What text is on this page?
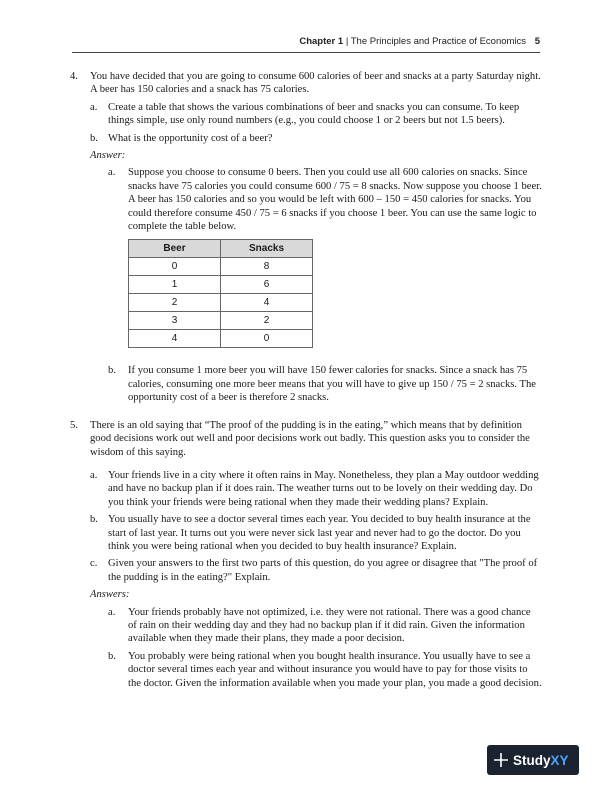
Chapter 1 | The Principles and Practice of Economics 5
4. You have decided that you are going to consume 600 calories of beer and snacks at a party Saturday night. A beer has 150 calories and a snack has 75 calories.

a. Create a table that shows the various combinations of beer and snacks you can consume. To keep things simple, use only round numbers (e.g., you could choose 1 or 2 beers but not 1.5 beers).

b. What is the opportunity cost of a beer?

Answer:
a. Suppose you choose to consume 0 beers. Then you could use all 600 calories on snacks. Since snacks have 75 calories you could consume 600 / 75 = 8 snacks. Now suppose you choose 1 beer. A beer has 150 calories and so you would be left with 600 – 150 = 450 calories for snacks. You could therefore consume 450 / 75 = 6 snacks if you choose 1 beer. You can use the same logic to complete the table below.

Beer	Snacks
0	8
1	6
2	4
3	2
4	0
b. If you consume 1 more beer you will have 150 fewer calories for snacks. Since a snack has 75 calories, consuming one more beer means that you will have to give up 150 / 75 = 2 snacks. The opportunity cost of a beer is therefore 2 snacks.

5. There is an old saying that “The proof of the pudding is in the eating,” which means that by definition good decisions work out well and poor decisions work out badly. This question asks you to consider the wisdom of this saying.

a. Your friends live in a city where it often rains in May. Nonetheless, they plan a May outdoor wedding and have no backup plan if it does rain. The weather turns out to be lovely on their wedding day. Do you think your friends were being rational when they made their wedding plans? Explain.

b. You usually have to see a doctor several times each year. You decided to buy health insurance at the start of last year. It turns out you were never sick last year and never had to go the doctor. Do you think you were being rational when you decided to buy health insurance? Explain.

c. Given your answers to the first two parts of this question, do you agree or disagree that "The proof of the pudding is in the eating?" Explain.

Answers:
a. Your friends probably have not optimized, i.e. they were not rational. There was a good chance of rain on their wedding day and they had no backup plan if it did rain. Given the information available when they made their plans, they made a poor decision.

b. You probably were being rational when you bought health insurance. You usually have to see a doctor several times each year and without insurance you would have to pay for those visits to the doctor. Given the information available when you made your plan, you made a good decision.

Study XY
